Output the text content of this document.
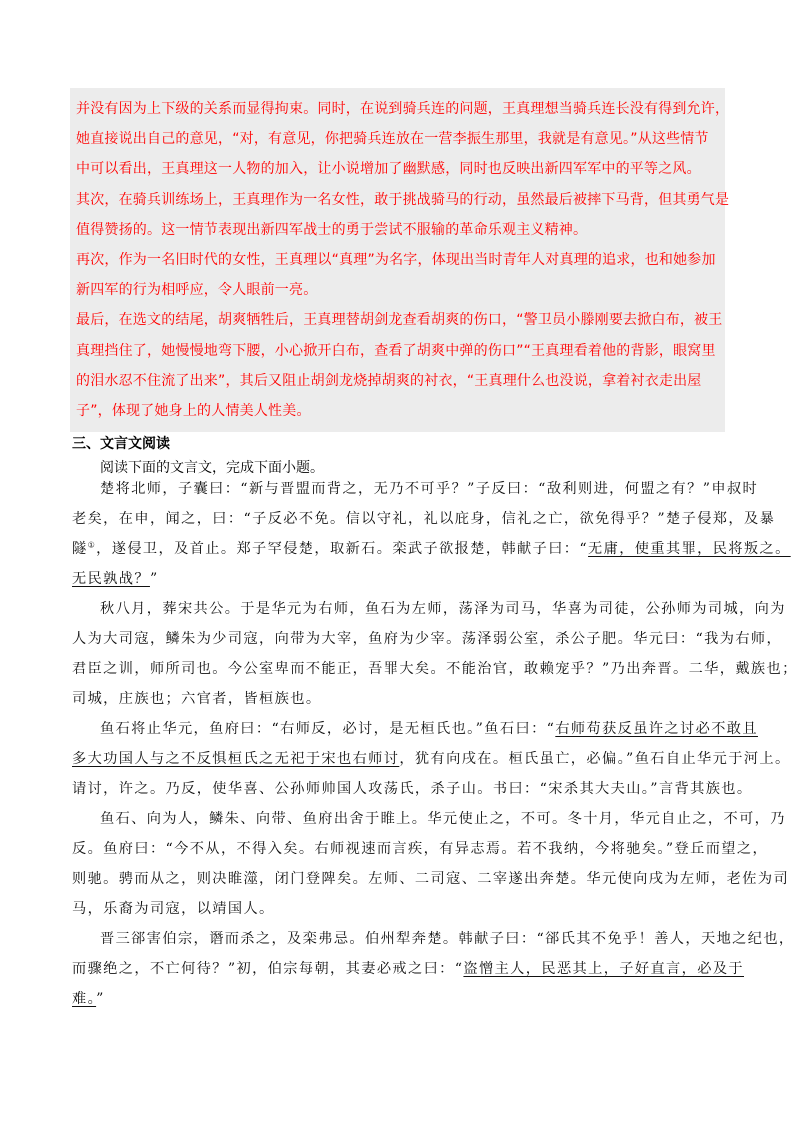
并没有因为上下级的关系而显得拘束。同时，在说到骑兵连的问题，王真理想当骑兵连长没有得到允许，

她直接说出自己的意见，“对，有意见，你把骑兵连放在一营李振生那里，我就是有意见。”从这些情节

中可以看出，王真理这一人物的加入，让小说增加了幽默感，同时也反映出新四军军中的平等之风。

其次，在骑兵训练场上，王真理作为一名女性，敢于挑战骑马的行动，虽然最后被摔下马背，但其勇气是

值得赞扬的。这一情节表现出新四军战士的勇于尝试不服输的革命乐观主义精神。

再次，作为一名旧时代的女性，王真理以“真理”为名字，体现出当时青年人对真理的追求，也和她参加

新四军的行为相呼应，令人眼前一亮。

最后，在选文的结尾，胡爽牺牲后，王真理替胡剑龙查看胡爽的伤口，“警卫员小滕刚要去掀白布，被王

真理挡住了，她慢慢地弯下腰，小心掀开白布，查看了胡爽中弹的伤口”“王真理看着他的背影，眼窝里

的泪水忍不住流了出来”，其后又阻止胡剑龙烧掉胡爽的衬衣，“王真理什么也没说，拿着衬衣走出屋

子”，体现了她身上的人情美人性美。

三、文言文阅读

阅读下面的文言文，完成下面小题。

楚将北师，子囊曰：“新与晋盟而背之，无乃不可乎？”子反曰：“敌利则进，何盟之有？”申叔时
老矣，在申，闻之，曰：“子反必不免。信以守礼，礼以庇身，信礼之亡，欲免得乎？”楚子侵郑，及暴
隧①，遂侵卫，及首止。郑子罕侵楚，取新石。栾武子欲报楚，韩献子曰：“无庸，使重其罪，民将叛之。
无民孰战？”
秋八月，葬宋共公。于是华元为右师，鱼石为左师，荡泽为司马，华喜为司徒，公孙师为司城，向为
人为大司寇，鳞朱为少司寇，向带为大宰，鱼府为少宰。荡泽弱公室，杀公子肥。华元曰：“我为右师，
君臣之训，师所司也。今公室卑而不能正，吾罪大矣。不能治官，敢赖宠乎？”乃出奔晋。二华，戴族也；
司城，庄族也；六官者，皆桓族也。
鱼石将止华元，鱼府曰：“右师反，必讨，是无桓氏也。”鱼石曰：“右师苟获反虽许之讨必不敢且
多大功国人与之不反惧桓氏之无祀于宋也右师讨，犹有向戌在。桓氏虽亡，必偏。”鱼石自止华元于河上。
请讨，许之。乃反，使华喜、公孙师帅国人攻荡氏，杀子山。书曰：“宋杀其大夫山。”言背其族也。
鱼石、向为人，鳞朱、向带、鱼府出舍于睢上。华元使止之，不可。冬十月，华元自止之，不可，乃
反。鱼府曰：“今不从，不得入矣。右师视速而言疾，有异志焉。若不我纳，今将驰矣。”登丘而望之，
则驰。骋而从之，则决睢澨，闭门登陴矣。左师、二司寇、二宰遂出奔楚。华元使向戌为左师，老佐为司
马，乐裔为司寇，以靖国人。
晋三郤害伯宗，谮而杀之，及栾弗忌。伯州犁奔楚。韩献子曰：“郤氏其不免乎！善人，天地之纪也，
而骤绝之，不亡何待？”初，伯宗每朝，其妻必戒之曰：“盗憎主人，民恶其上，子好直言，必及于
难。”
